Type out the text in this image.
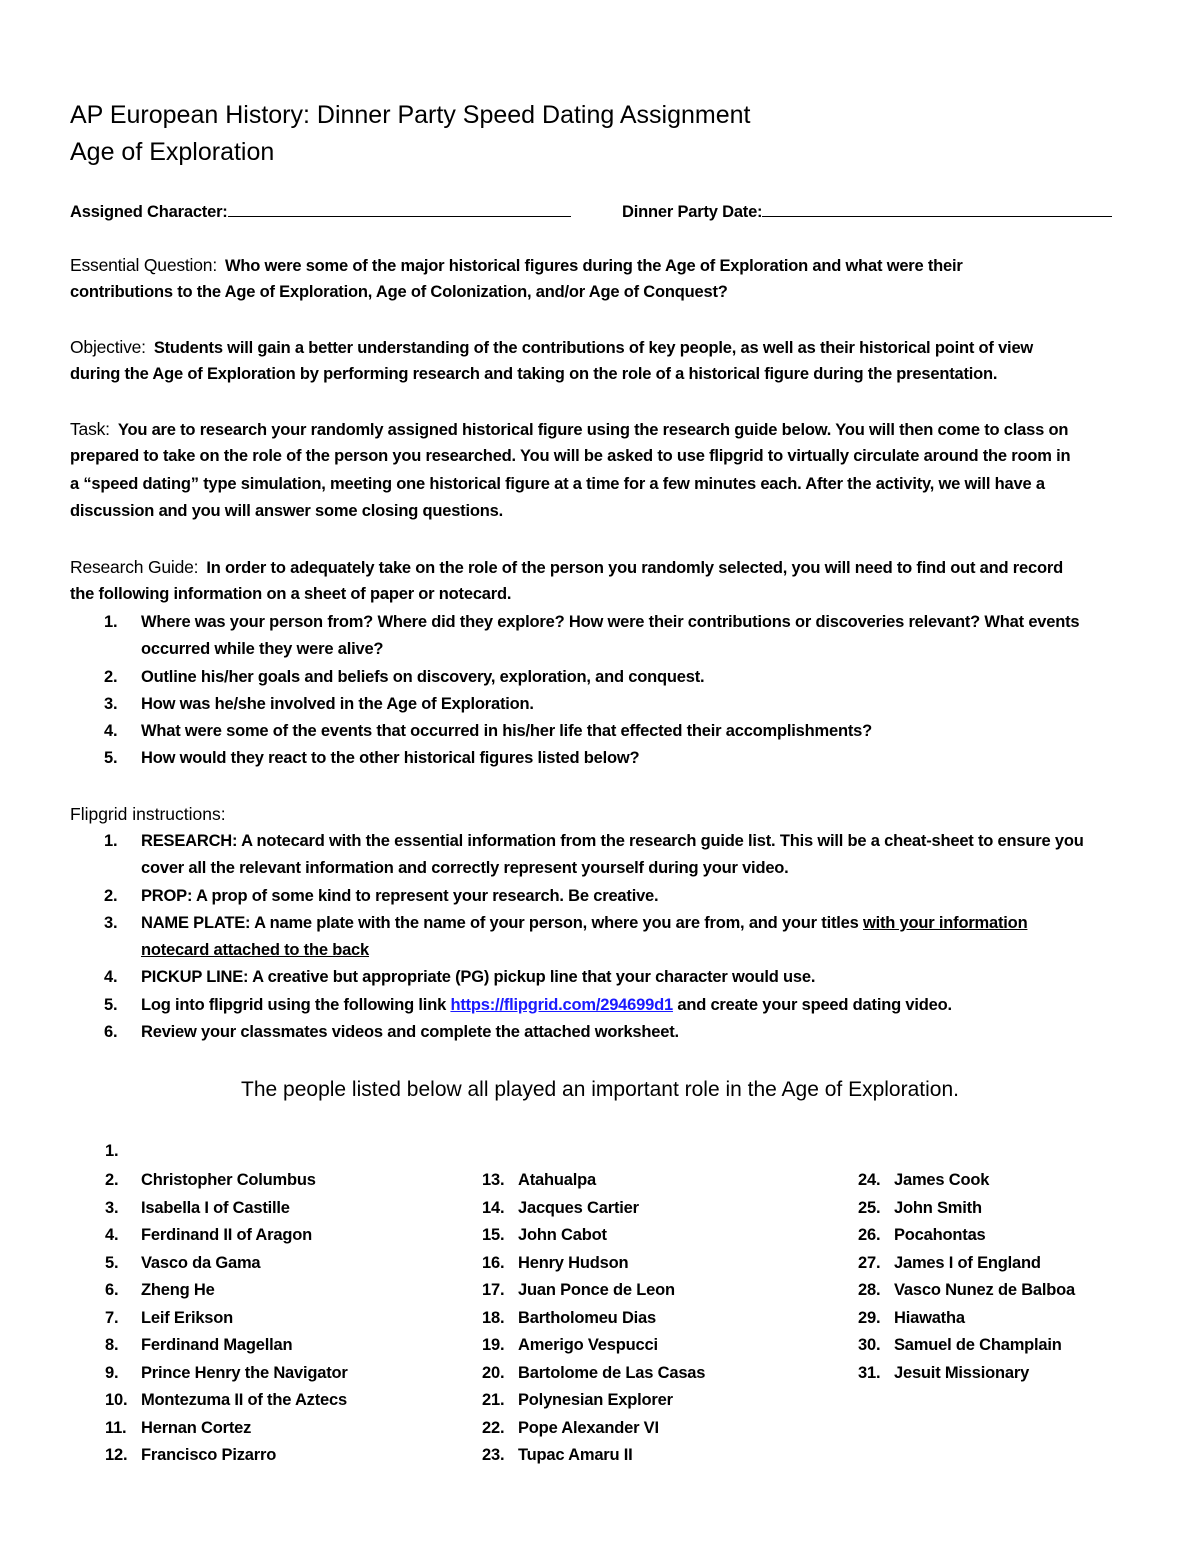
AP European History: Dinner Party Speed Dating Assignment
Age of Exploration
Assigned Character:	Dinner Party Date:
Essential Question: Who were some of the major historical figures during the Age of Exploration and what were their
contributions to the Age of Exploration, Age of Colonization, and/or Age of Conquest?
Objective: Students will gain a better understanding of the contributions of key people, as well as their historical point of view
during the Age of Exploration by performing research and taking on the role of a historical figure during the presentation.
Task: You are to research your randomly assigned historical figure using the research guide below. You will then come to class on
prepared to take on the role of the person you researched. You will be asked to use flipgrid to virtually circulate around the room in
a “speed dating” type simulation, meeting one historical figure at a time for a few minutes each. After the activity, we will have a
discussion and you will answer some closing questions.
Research Guide: In order to adequately take on the role of the person you randomly selected, you will need to find out and record
the following information on a sheet of paper or notecard.
1. Where was your person from? Where did they explore? How were their contributions or discoveries relevant? What events
occurred while they were alive?
2. Outline his/her goals and beliefs on discovery, exploration, and conquest.
3. How was he/she involved in the Age of Exploration.
4. What were some of the events that occurred in his/her life that effected their accomplishments?
5. How would they react to the other historical figures listed below?
Flipgrid instructions:
1. RESEARCH: A notecard with the essential information from the research guide list. This will be a cheat-sheet to ensure you
cover all the relevant information and correctly represent yourself during your video.
2. PROP: A prop of some kind to represent your research. Be creative.
3. NAME PLATE: A name plate with the name of your person, where you are from, and your titles with your information
notecard attached to the back
4. PICKUP LINE: A creative but appropriate (PG) pickup line that your character would use.
5. Log into flipgrid using the following link https://flipgrid.com/294699d1 and create your speed dating video.
6. Review your classmates videos and complete the attached worksheet.
The people listed below all played an important role in the Age of Exploration.
1.
2. Christopher Columbus
3. Isabella I of Castille
4. Ferdinand II of Aragon
5. Vasco da Gama
6. Zheng He
7. Leif Erikson
8. Ferdinand Magellan
9. Prince Henry the Navigator
10. Montezuma II of the Aztecs
11. Hernan Cortez
12. Francisco Pizarro
13. Atahualpa
14. Jacques Cartier
15. John Cabot
16. Henry Hudson
17. Juan Ponce de Leon
18. Bartholomeu Dias
19. Amerigo Vespucci
20. Bartolome de Las Casas
21. Polynesian Explorer
22. Pope Alexander VI
23. Tupac Amaru II
24. James Cook
25. John Smith
26. Pocahontas
27. James I of England
28. Vasco Nunez de Balboa
29. Hiawatha
30. Samuel de Champlain
31. Jesuit Missionary
